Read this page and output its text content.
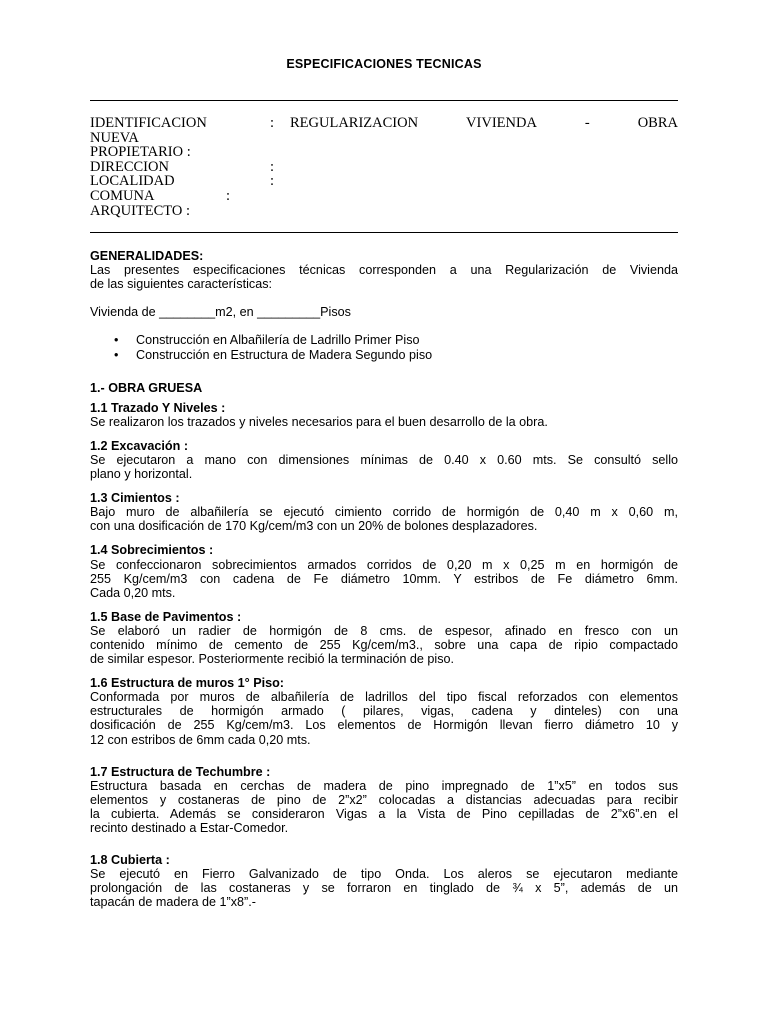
ESPECIFICACIONES TECNICAS
IDENTIFICACION	: REGULARIZACION	VIVIENDA	-	OBRA
NUEVA
PROPIETARIO :
DIRECCION	:
LOCALIDAD	:
COMUNA	:
ARQUITECTO :

GENERALIDADES:

Las presentes especificaciones técnicas corresponden a una Regularización de Vivienda

de las siguientes características:

Vivienda de ________m2, en _________Pisos

• Construcción en Albañilería de Ladrillo Primer Piso
• Construcción en Estructura de Madera Segundo piso

1.- OBRA GRUESA

1.1 Trazado Y Niveles :

Se realizaron los trazados y niveles necesarios para el buen desarrollo de la obra.

1.2 Excavación :

Se ejecutaron a mano con dimensiones mínimas de 0.40 x 0.60 mts. Se consultó sello

plano y horizontal.

1.3 Cimientos :

Bajo muro de albañilería se ejecutó cimiento corrido de hormigón de 0,40 m x 0,60 m,

con una dosificación de 170 Kg/cem/m3 con un 20% de bolones desplazadores.

1.4 Sobrecimientos :

Se confeccionaron sobrecimientos armados corridos de 0,20 m x 0,25 m en hormigón de

255 Kg/cem/m3 con cadena de Fe diámetro 10mm. Y estribos de Fe diámetro 6mm.

Cada 0,20 mts.

1.5 Base de Pavimentos :

Se elaboró un radier de hormigón de 8 cms. de espesor, afinado en fresco con un

contenido mínimo de cemento de 255 Kg/cem/m3., sobre una capa de ripio compactado

de similar espesor. Posteriormente recibió la terminación de piso.

1.6 Estructura de muros 1° Piso:

Conformada por muros de albañilería de ladrillos del tipo fiscal reforzados con elementos

estructurales de hormigón armado ( pilares, vigas, cadena y dinteles) con una

dosificación de 255 Kg/cem/m3. Los elementos de Hormigón llevan fierro diámetro 10 y

12 con estribos de 6mm cada 0,20 mts.

1.7 Estructura de Techumbre :

Estructura basada en cerchas de madera de pino impregnado de 1”x5” en todos sus

elementos y costaneras de pino de 2”x2” colocadas a distancias adecuadas para recibir

la cubierta. Además se consideraron Vigas a la Vista de Pino cepilladas de 2”x6”.en el

recinto destinado a Estar-Comedor.

1.8 Cubierta :

Se ejecutó en Fierro Galvanizado de tipo Onda. Los aleros se ejecutaron mediante

prolongación de las costaneras y se forraron en tinglado de ¾ x 5”, además de un

tapacán de madera de 1”x8”.-
